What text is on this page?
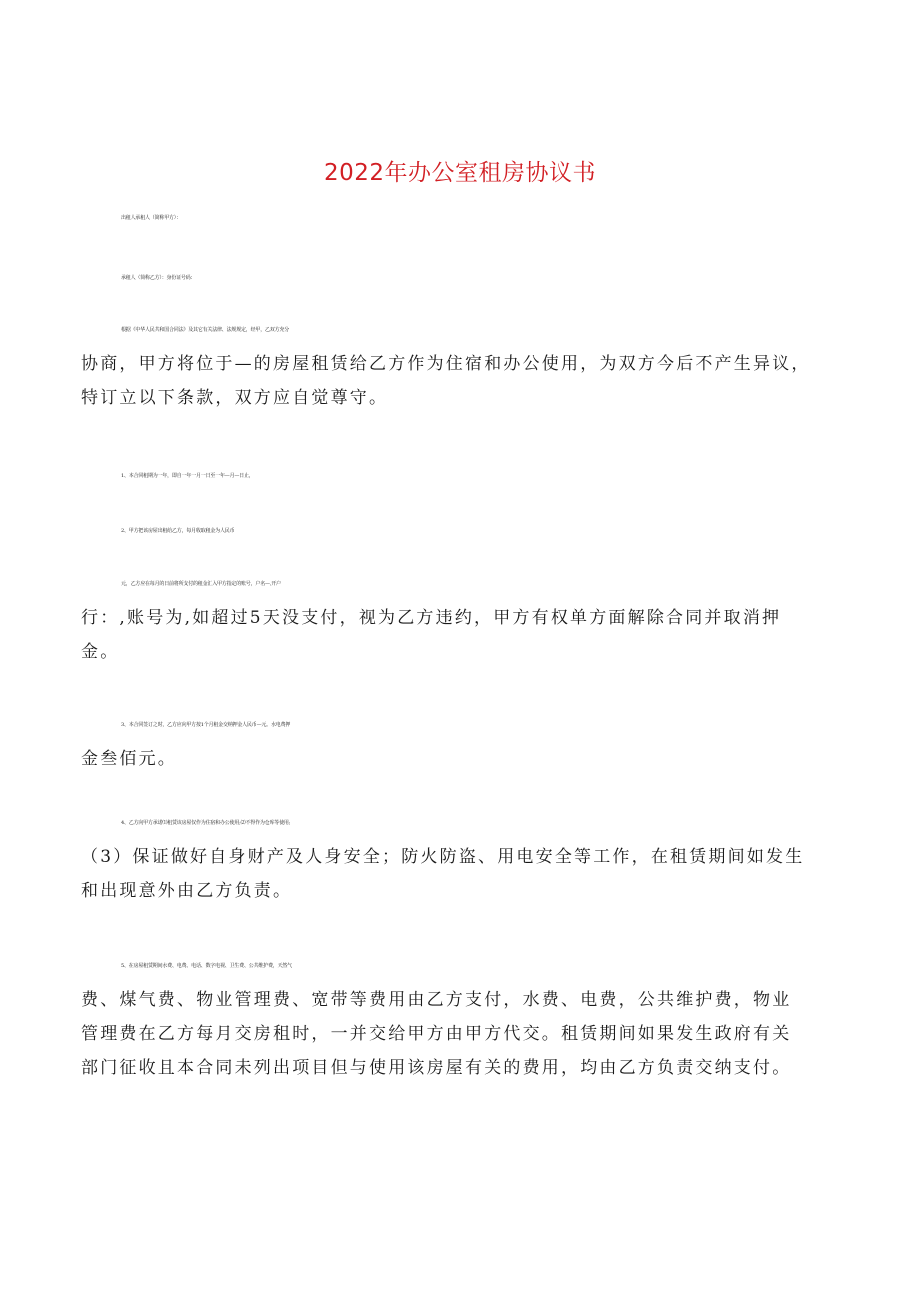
2022年办公室租房协议书

出租人承租人（简称甲方）：

承租人（简称乙方）：身份证号码：

根据《中华人民共和国合同法》及其它有关法律、法规规定，经甲，乙双方充分
协商，甲方将位于—的房屋租赁给乙方作为住宿和办公使用，为双方今后不产生异议，
特订立以下条款，双方应自觉尊守。

1、本合同租期为一年，即自一年一月一日至一年—月—日止，

2、甲方把该房屋出租给乙方，每月收取租金为人民币

元，乙方应在每月的日前将所支付的租金汇入甲方指定的账号，户名—,开户
行：,账号为,如超过5天没支付，视为乙方违约，甲方有权单方面解除合同并取消押
金。

3、本合同签订之时，乙方应向甲方按1个月租金交纳押金人民币—元。水电费押
金叁佰元。

4、乙方向甲方承诺⑴租赁该房屋仅作为住宿和办公使用;⑵不得作为仓库等使用;
（3）保证做好自身财产及人身安全；防火防盗、用电安全等工作，在租赁期间如发生
和出现意外由乙方负责。

5、在房屋租赁期间水费、电费、电话、数字电视、卫生费、公共维护费，天然气
费、煤气费、物业管理费、宽带等费用由乙方支付，水费、电费，公共维护费，物业
管理费在乙方每月交房租时，一并交给甲方由甲方代交。租赁期间如果发生政府有关
部门征收且本合同未列出项目但与使用该房屋有关的费用，均由乙方负责交纳支付。
